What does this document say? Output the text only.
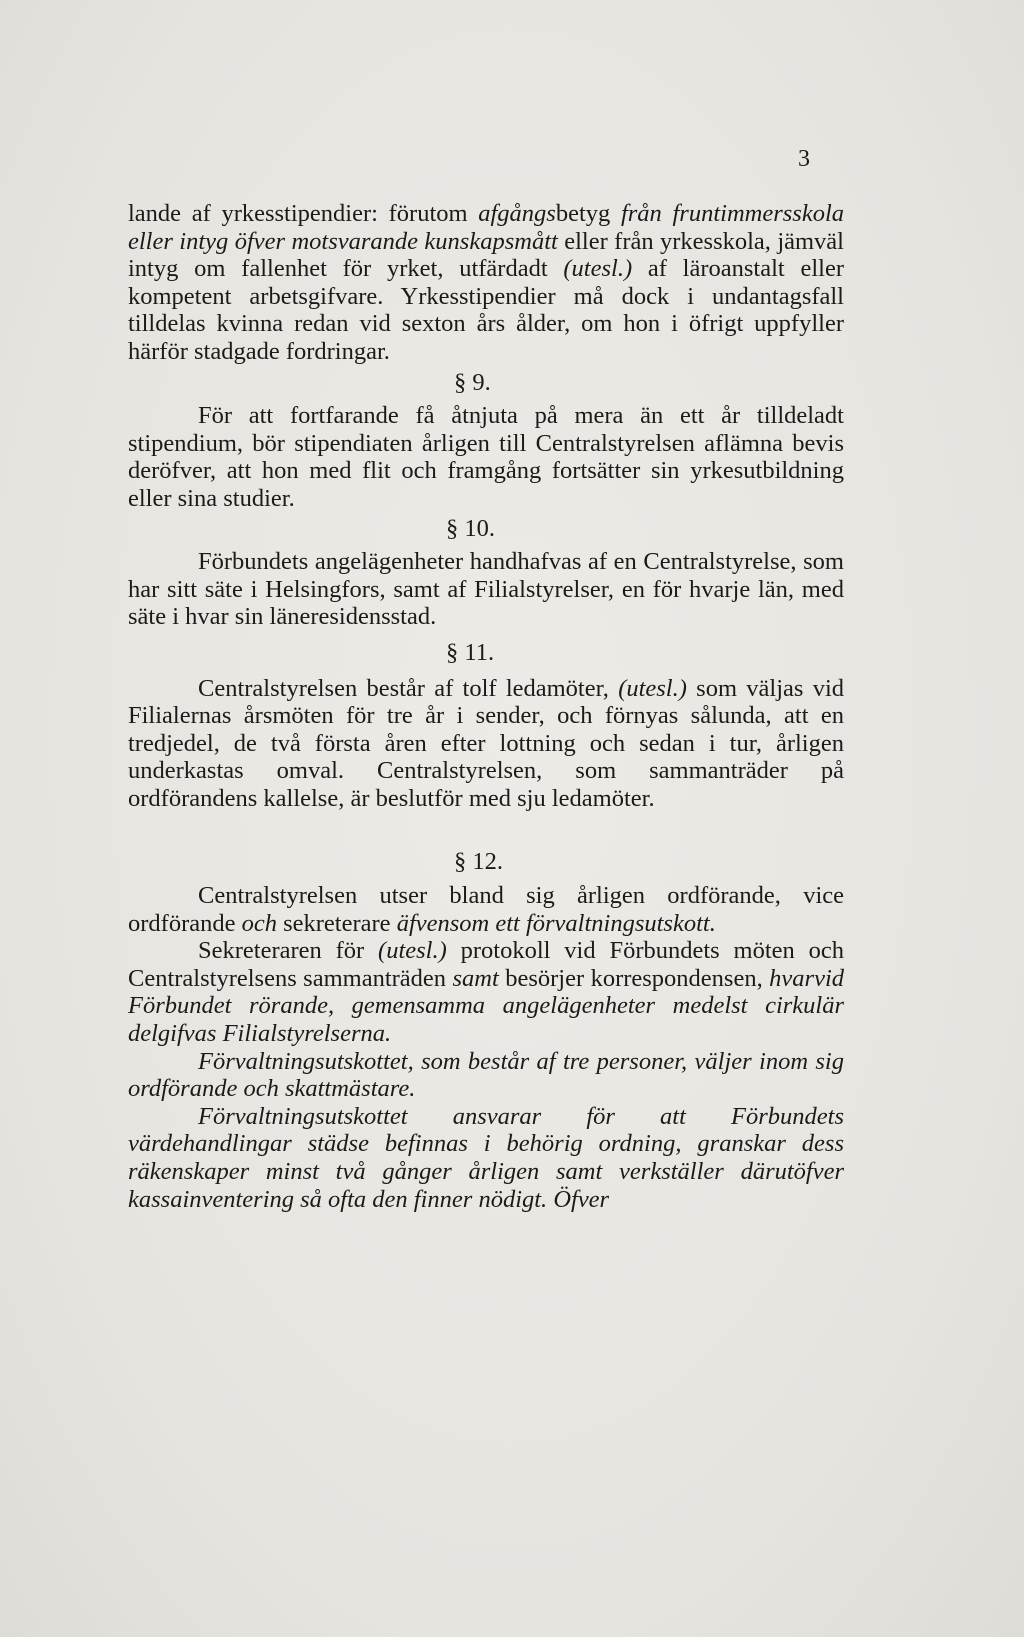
3

lande af yrkesstipendier: förutom afgångsbetyg från fruntimmersskola eller intyg öfver motsvarande kunskapsmått eller från yrkesskola, jämväl intyg om fallenhet för yrket, utfärdadt (utesl.) af läroanstalt eller kompetent arbetsgifvare. Yrkesstipendier må dock i undantagsfall tilldelas kvinna redan vid sexton års ålder, om hon i öfrigt uppfyller härför stadgade fordringar.

§ 9.

För att fortfarande få åtnjuta på mera än ett år tilldeladt stipendium, bör stipendiaten årligen till Centralstyrelsen aflämna bevis deröfver, att hon med flit och framgång fortsätter sin yrkesutbildning eller sina studier.

§ 10.

Förbundets angelägenheter handhafvas af en Centralstyrelse, som har sitt säte i Helsingfors, samt af Filialstyrelser, en för hvarje län, med säte i hvar sin läneresidensstad.

§ 11.

Centralstyrelsen består af tolf ledamöter, (utesl.) som väljas vid Filialernas årsmöten för tre år i sender, och förnyas sålunda, att en tredjedel, de två första åren efter lottning och sedan i tur, årligen underkastas omval. Centralstyrelsen, som sammanträder på ordförandens kallelse, är beslutför med sju ledamöter.

§ 12.

Centralstyrelsen utser bland sig årligen ordförande, vice ordförande och sekreterare äfvensom ett förvaltningsutskott.

Sekreteraren för (utesl.) protokoll vid Förbundets möten och Centralstyrelsens sammanträden samt besörjer korrespondensen, hvarvid Förbundet rörande, gemensamma angelägenheter medelst cirkulär delgifvas Filialstyrelserna.

Förvaltningsutskottet, som består af tre personer, väljer inom sig ordförande och skattmästare.

Förvaltningsutskottet ansvarar för att Förbundets värdehandlingar städse befinnas i behörig ordning, granskar dess räkenskaper minst två gånger årligen samt verkställer därutöfver kassainventering så ofta den finner nödigt. Öfver
